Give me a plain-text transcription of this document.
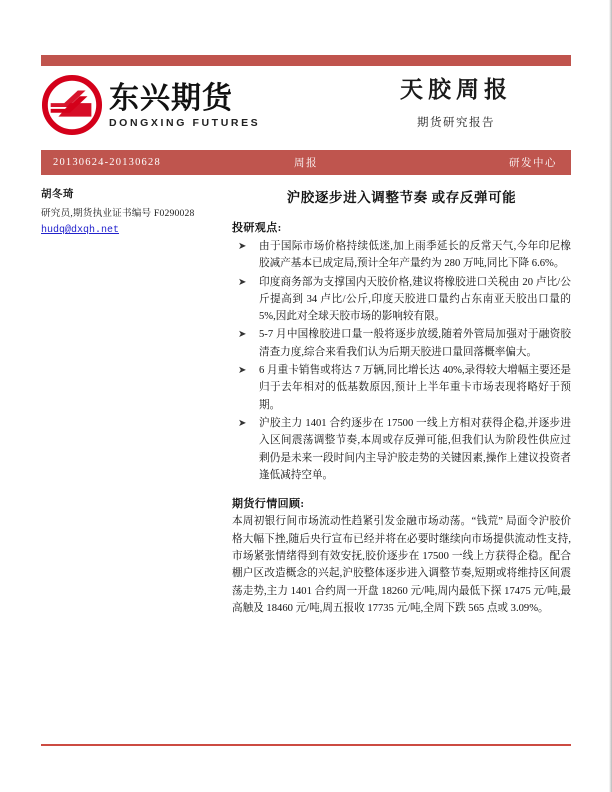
东兴期货
DONGXING FUTURES
天胶周报
期货研究报告
20130624-20130628	周报	研发中心
胡冬琦
研究员,期货执业证书编号 F0290028
hudq@dxqh.net
沪胶逐步进入调整节奏 或存反弹可能
投研观点:
➤ 由于国际市场价格持续低迷,加上雨季延长的反常天气,今年印尼橡胶减产基本已成定局,预计全年产量约为 280 万吨,同比下降 6.6%。
➤ 印度商务部为支撑国内天胶价格,建议将橡胶进口关税由 20 卢比/公斤提高到 34 卢比/公斤,印度天胶进口量约占东南亚天胶出口量的 5%,因此对全球天胶市场的影响较有限。
➤ 5-7 月中国橡胶进口量一般将逐步放缓,随着外管局加强对于融资胶清查力度,综合来看我们认为后期天胶进口量回落概率偏大。
➤ 6 月重卡销售或将达 7 万辆,同比增长达 40%,录得较大增幅主要还是归于去年相对的低基数原因,预计上半年重卡市场表现将略好于预期。
➤ 沪胶主力 1401 合约逐步在 17500 一线上方相对获得企稳,并逐步进入区间震荡调整节奏,本周或存反弹可能,但我们认为阶段性供应过剩仍是未来一段时间内主导沪胶走势的关键因素,操作上建议投资者逢低减持空单。
期货行情回顾:
本周初银行间市场流动性趋紧引发金融市场动荡。“钱荒” 局面令沪胶价格大幅下挫,随后央行宣布已经并将在必要时继续向市场提供流动性支持,市场紧张情绪得到有效安抚,胶价逐步在 17500 一线上方获得企稳。配合棚户区改造概念的兴起,沪胶整体逐步进入调整节奏,短期或将维持区间震荡走势,主力 1401 合约周一开盘 18260 元/吨,周内最低下探 17475 元/吨,最高触及 18460 元/吨,周五报收 17735 元/吨,全周下跌 565 点或 3.09%。
